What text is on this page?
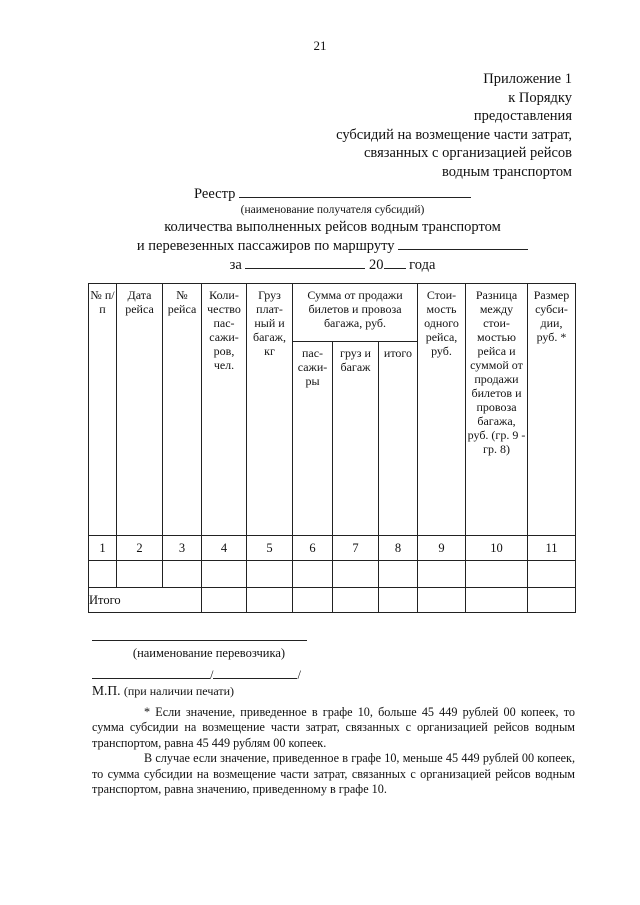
21
Приложение 1
к Порядку
предоставления
субсидий на возмещение части затрат,
связанных с организацией рейсов
водным транспортом
Реестр
(наименование получателя субсидий)
количества выполненных рейсов водным транспортом
и перевезенных пассажиров по маршруту
за	20 года
№ п/п	Дата рейса	№ рейса	Коли-чество пас-сажи-ров, чел.	Груз плат-ный и багаж, кг	Сумма от продажи билетов и провоза багажа, руб.			Стои-мость одного рейса, руб.	Разница между стои-мостью рейса и суммой от продажи билетов и провоза багажа, руб. (гр. 9 - гр. 8)	Размер субси-дии, руб. *
					пас-сажи-ры	груз и багаж	итого			
1	2	3	4	5	6	7	8	9	10	11

Итого										
(наименование перевозчика)
/	/
М.П. (при наличии печати)

* Если значение, приведенное в графе 10, больше 45 449 рублей 00 копеек, то сумма субсидии на возмещение части затрат, связанных с организацией рейсов водным транспортом, равна 45 449 рублям 00 копеек.

В случае если значение, приведенное в графе 10, меньше 45 449 рублей 00 копеек, то сумма субсидии на возмещение части затрат, связанных с организацией рейсов водным транспортом, равна значению, приведенному в графе 10.
